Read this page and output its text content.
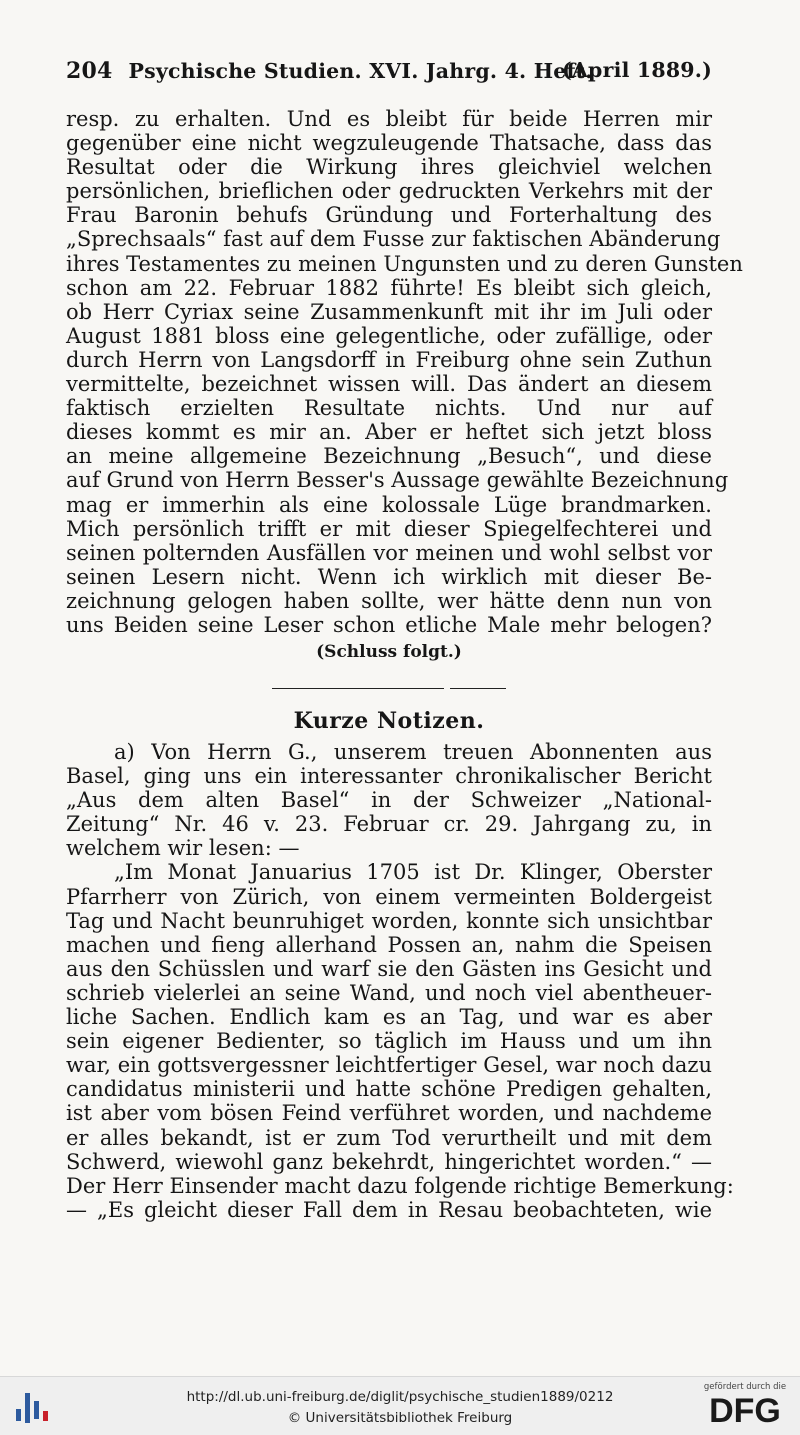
204 Psychische Studien. XVI. Jahrg. 4. Heft.
(April 1889.)
resp. zu erhalten. Und es bleibt für beide Herren mir
gegenüber eine nicht wegzuleugende Thatsache, dass das
Resultat oder die Wirkung ihres gleichviel welchen
persönlichen, brieflichen oder gedruckten Verkehrs mit der
Frau Baronin behufs Gründung und Forterhaltung des
„Sprechsaals“ fast auf dem Fusse zur faktischen Abänderung
ihres Testamentes zu meinen Ungunsten und zu deren Gunsten
schon am 22. Februar 1882 führte! Es bleibt sich gleich,
ob Herr Cyriax seine Zusammenkunft mit ihr im Juli oder
August 1881 bloss eine gelegentliche, oder zufällige, oder
durch Herrn von Langsdorff in Freiburg ohne sein Zuthun
vermittelte, bezeichnet wissen will. Das ändert an diesem
faktisch erzielten Resultate nichts. Und nur auf
dieses kommt es mir an. Aber er heftet sich jetzt bloss
an meine allgemeine Bezeichnung „Besuch“, und diese
auf Grund von Herrn Besser's Aussage gewählte Bezeichnung
mag er immerhin als eine kolossale Lüge brandmarken.
Mich persönlich trifft er mit dieser Spiegelfechterei und
seinen polternden Ausfällen vor meinen und wohl selbst vor
seinen Lesern nicht. Wenn ich wirklich mit dieser Be-
zeichnung gelogen haben sollte, wer hätte denn nun von
uns Beiden seine Leser schon etliche Male mehr belogen?
(Schluss folgt.)
Kurze Notizen.
a) Von Herrn G., unserem treuen Abonnenten aus
Basel, ging uns ein interessanter chronikalischer Bericht
„Aus dem alten Basel“ in der Schweizer „National-
Zeitung“ Nr. 46 v. 23. Februar cr. 29. Jahrgang zu, in
welchem wir lesen: —
„Im Monat Januarius 1705 ist Dr. Klinger, Oberster
Pfarrherr von Zürich, von einem vermeinten Boldergeist
Tag und Nacht beunruhiget worden, konnte sich unsichtbar
machen und fieng allerhand Possen an, nahm die Speisen
aus den Schüsslen und warf sie den Gästen ins Gesicht und
schrieb vielerlei an seine Wand, und noch viel abentheuer-
liche Sachen. Endlich kam es an Tag, und war es aber
sein eigener Bedienter, so täglich im Hauss und um ihn
war, ein gottsvergessner leichtfertiger Gesel, war noch dazu
candidatus ministerii und hatte schöne Predigen gehalten,
ist aber vom bösen Feind verführet worden, und nachdeme
er alles bekandt, ist er zum Tod verurtheilt und mit dem
Schwerd, wiewohl ganz bekehrdt, hingerichtet worden.“ —
Der Herr Einsender macht dazu folgende richtige Bemerkung:
— „Es gleicht dieser Fall dem in Resau beobachteten, wie
http://dl.ub.uni-freiburg.de/diglit/psychische_studien1889/0212
© Universitätsbibliothek Freiburg
gefördert durch die
DFG
